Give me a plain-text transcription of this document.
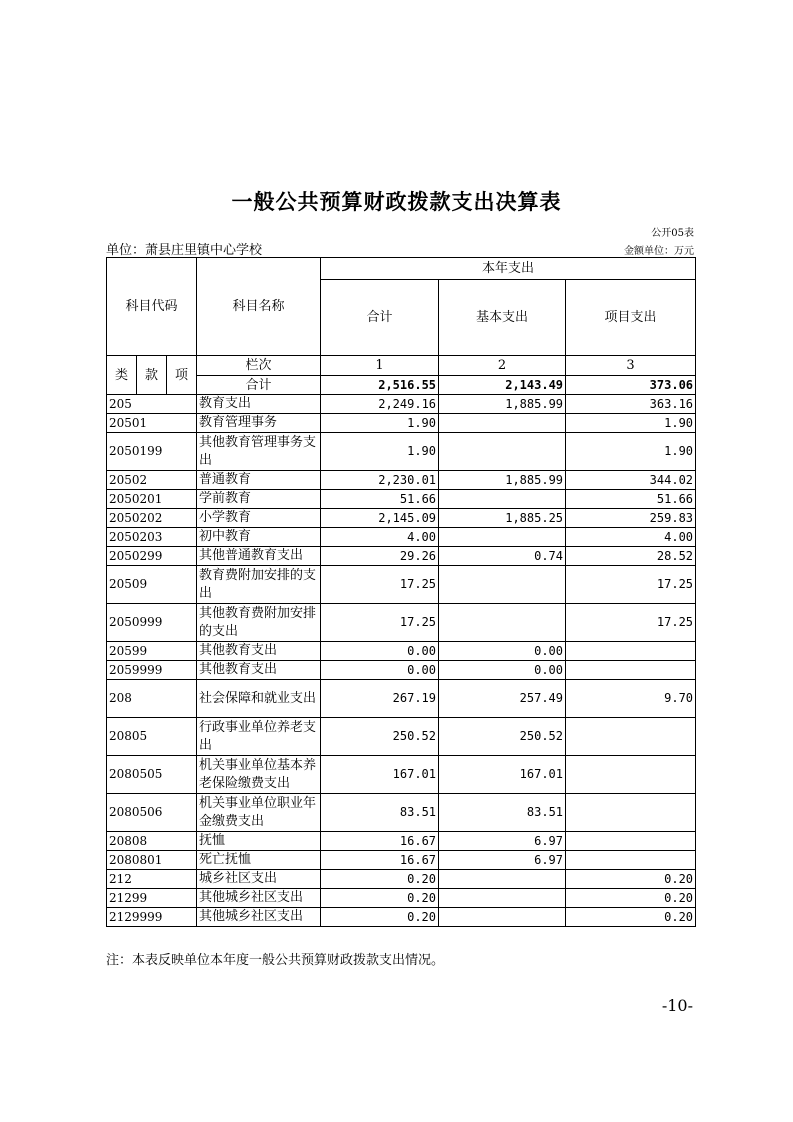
一般公共预算财政拨款支出决算表
公开05表
单位：萧县庄里镇中心学校	金额单位：万元
科目代码			科目名称	本年支出		
				合计	基本支出	项目支出
类	款	项	栏次	1	2	3
			合计	2,516.55	2,143.49	373.06
205			教育支出	2,249.16	1,885.99	363.16
20501			教育管理事务	1.90		1.90
2050199			其他教育管理事务支出	1.90		1.90
20502			普通教育	2,230.01	1,885.99	344.02
2050201			学前教育	51.66		51.66
2050202			小学教育	2,145.09	1,885.25	259.83
2050203			初中教育	4.00		4.00
2050299			其他普通教育支出	29.26	0.74	28.52
20509			教育费附加安排的支出	17.25		17.25
2050999			其他教育费附加安排的支出	17.25		17.25
20599			其他教育支出	0.00	0.00	
2059999			其他教育支出	0.00	0.00	
208			社会保障和就业支出	267.19	257.49	9.70
20805			行政事业单位养老支出	250.52	250.52	
2080505			机关事业单位基本养老保险缴费支出	167.01	167.01	
2080506			机关事业单位职业年金缴费支出	83.51	83.51	
20808			抚恤	16.67	6.97	
2080801			死亡抚恤	16.67	6.97	
212			城乡社区支出	0.20		0.20
21299			其他城乡社区支出	0.20		0.20
2129999			其他城乡社区支出	0.20		0.20
注：本表反映单位本年度一般公共预算财政拨款支出情况。
-10-
